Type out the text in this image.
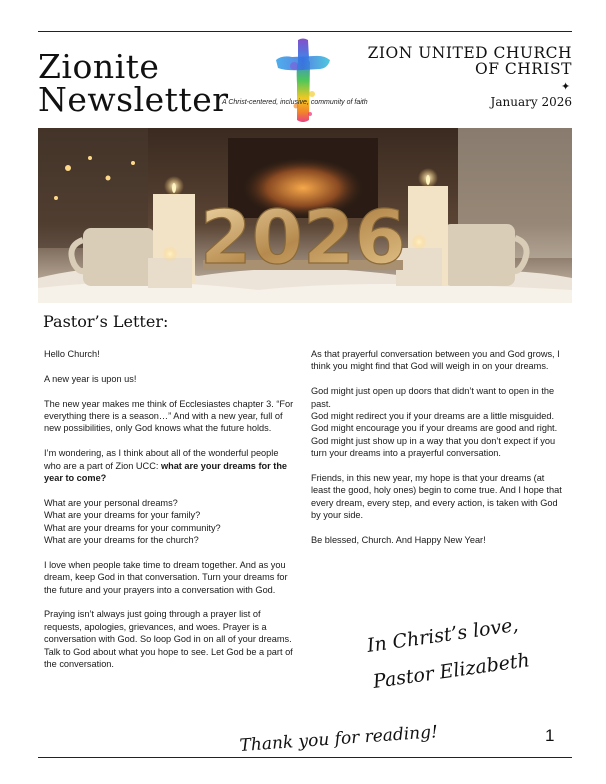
Zionite
Newsletter
A Christ-centered, inclusive, community of faith
ZION UNITED CHURCH
OF CHRIST
✦
January 2026
2026
Pastor’s Letter:

Hello Church!

A new year is upon us!

The new year makes me think of Ecclesiastes chapter 3. “For everything there is a season…” And with a new year, full of new possibilities, only God knows what the future holds.

I’m wondering, as I think about all of the wonderful people who are a part of Zion UCC: what are your dreams for the year to come?

What are your personal dreams?

What are your dreams for your family?

What are your dreams for your community?

What are your dreams for the church?

I love when people take time to dream together. And as you dream, keep God in that conversation. Turn your dreams for the future and your prayers into a conversation with God.

Praying isn’t always just going through a prayer list of requests, apologies, grievances, and woes. Prayer is a conversation with God. So loop God in on all of your dreams. Talk to God about what you hope to see. Let God be a part of the conversation.

As that prayerful conversation between you and God grows, I think you might find that God will weigh in on your dreams.

God might just open up doors that didn’t want to open in the past.

God might redirect you if your dreams are a little misguided.

God might encourage you if your dreams are good and right.

God might just show up in a way that you don’t expect if you turn your dreams into a prayerful conversation.

Friends, in this new year, my hope is that your dreams (at least the good, holy ones) begin to come true. And I hope that every dream, every step, and every action, is taken with God by your side.

Be blessed, Church. And Happy New Year!

In Christ’s love,
Pastor Elizabeth
Thank you for reading!	1
